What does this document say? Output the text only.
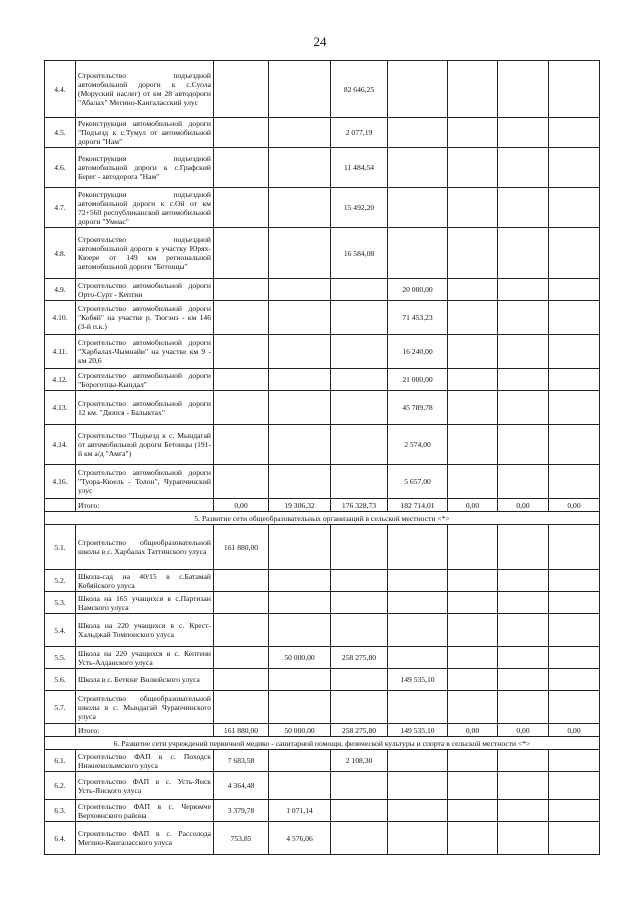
24
4.4.	Строительство подъездной автомобильной дороги к с.Суола (Моруский наслег) от км 28 автодороги "Абалах" Мегино-Кангаласский улус			82 646,25				
4.5.	Реконструкция автомобильной дороги "Подъезд к с.Тумул от автомобильной дороги "Нам"			2 077,19				
4.6.	Реконструкция подъездной автомобильной дороги к с.Графский Берег - автодорога "Нам"			11 484,54				
4.7.	Реконструкция подъездной автомобильной дороги к с.Ой от км 72+560 республиканской автомобильной дороги "Умнас"			15 492,20				
4.8.	Строительство подъездной автомобильной дороги к участку Юрях-Кюере от 149 км региональной автомобильной дороги "Бетонцы"			16 584,08				
4.9.	Строительство автомобильной дороги Орто-Сурт - Кептин				20 000,00			
4.10.	Строительство автомобильной дороги "Кобяй" на участке р. Тюгэнэ - км 146 (3-й п.к.)				71 453,23			
4.11.	Строительство автомобильной дороги "Харбалах-Чымнайи" на участке км 9 - км 20,6				16 240,00			
4.12.	Строительство автомобильной дороги "Бороготцы-Кындал"				21 000,00			
4.13.	Строительство автомобильной дороги 12 км. "Дюпся - Балыктах"				45 789,78			
4.14.	Строительство "Подъезд к с. Мындагай от автомобильной дороги Бетонцы (191-й км а/д "Амга")				2 574,00			
4.16.	Строительство автомобильной дороги "Туора-Кюель - Толон", Чурапчинский улус				5 657,00			
	Итого:	0,00	19 306,32	176 328,73	182 714,01	0,00	0,00	0,00
5. Развитие сети общеобразовательных организаций в сельской местности <*>								
5.1.	Строительство общеобразовательной школы в с. Харбалах Таттинского улуса	161 880,00						
5.2.	Школа-сад на 40/15 в с.Батамай Кобяйского улуса							
5.3.	Школа на 165 учащихся в с.Партизан Намского улуса							
5.4.	Школа на 220 учащихся в с. Крест-Хальджай Томпонского улуса							
5.5.	Школа на 220 учащихся в с. Кептени Усть-Алданского улуса		50 000,00	258 275,80				
5.6.	Школа в с. Бетюнг Вилюйского улуса				149 535,10			
5.7.	Строительство общеобразовательной школы в с. Мындагай Чурапчинского улуса							
	Итого:	161 880,00	50 000,00	258 275,80	149 535,10	0,00	0,00	0,00
6. Развитие сети учреждений первичной медико - санитарной помощи, физической культуры и спорта в сельской местности <*>								
6.1.	Строительство ФАП в с. Походск Нижнеколымского улуса	7 683,58		2 108,30				
6.2.	Строительство ФАП в с. Усть-Янск Усть-Янского улуса	4 364,48						
6.3.	Строительство ФАП в с. Черюмче Верхоянского района	3 379,78	1 071,14					
6.4.	Строительство ФАП в с. Рассолода Мегино-Кангаласского улуса	753,85	4 576,06					
